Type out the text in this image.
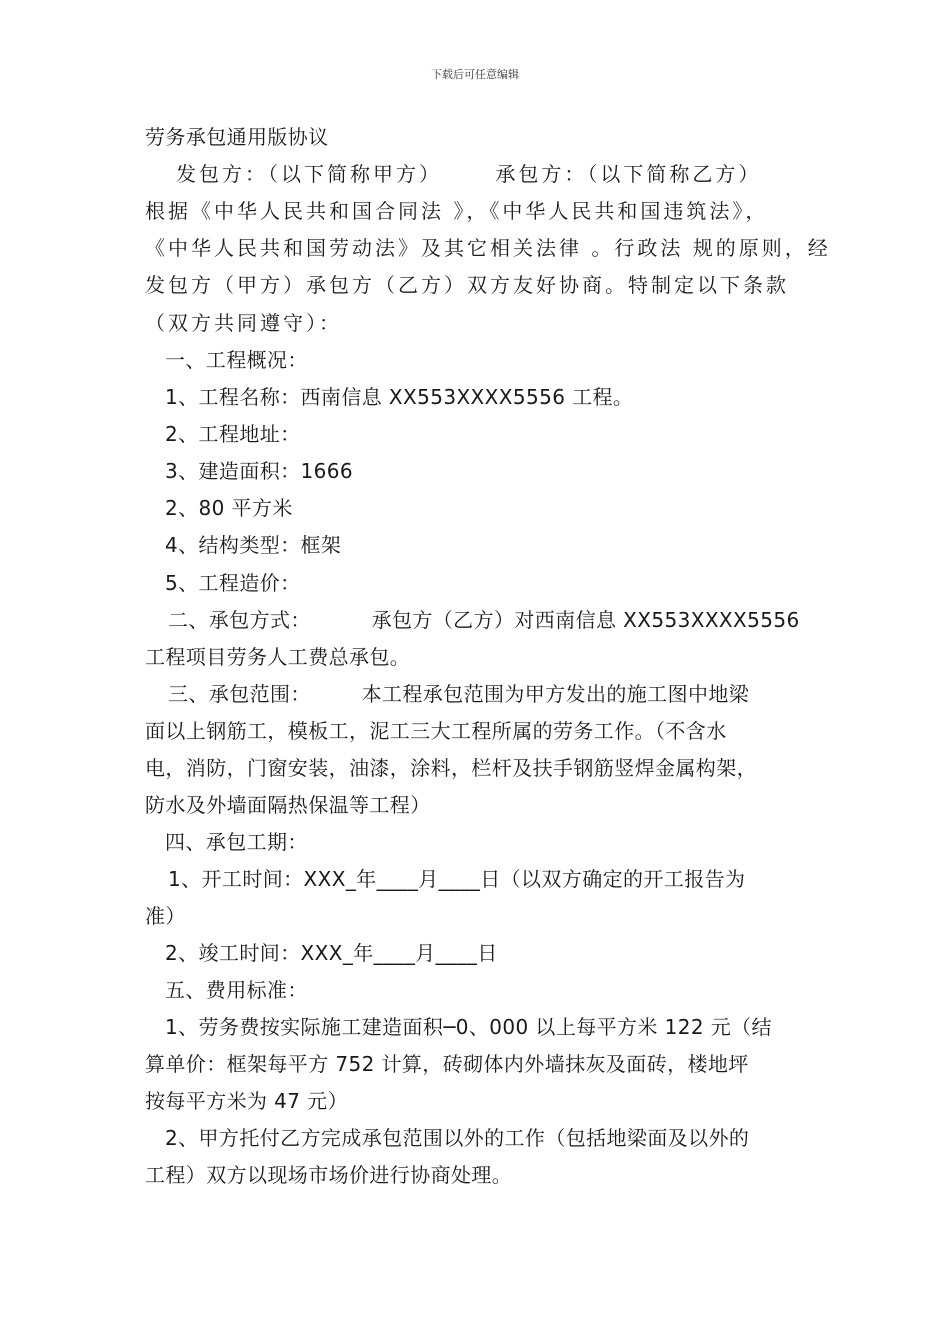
下载后可任意编辑
劳务承包通用版协议
发包方：（以下简称甲方）	承包方：（以下简称乙方）
根据《中华人民共和国合同法 》，《中华人民共和国违筑法》，
《中华人民共和国劳动法》及其它相关法律 。行政法 规的原则，经
发包方（甲方）承包方（乙方）双方友好协商。特制定以下条款
（双方共同遵守）：
一、工程概况：
1、工程名称：西南信息 XX553XXXX5556 工程。
2、工程地址：
3、建造面积：1666
2、80 平方米
4、结构类型：框架
5、工程造价：
二、承包方式：	承包方（乙方）对西南信息 XX553XXXX5556
工程项目劳务人工费总承包。
三、承包范围：	本工程承包范围为甲方发出的施工图中地梁
面以上钢筋工，模板工，泥工三大工程所属的劳务工作。（不含水
电，消防，门窗安装，油漆，涂料，栏杆及扶手钢筋竖焊金属构架，
防水及外墙面隔热保温等工程）
四、承包工期：
1、开工时间：XXX_年____月____日（以双方确定的开工报告为
准）
2、竣工时间：XXX_年____月____日
五、费用标准：
1、劳务费按实际施工建造面积─0、000 以上每平方米 122 元（结
算单价：框架每平方 752 计算，砖砌体内外墙抹灰及面砖，楼地坪
按每平方米为 47 元）
2、甲方托付乙方完成承包范围以外的工作（包括地梁面及以外的
工程）双方以现场市场价进行协商处理。
